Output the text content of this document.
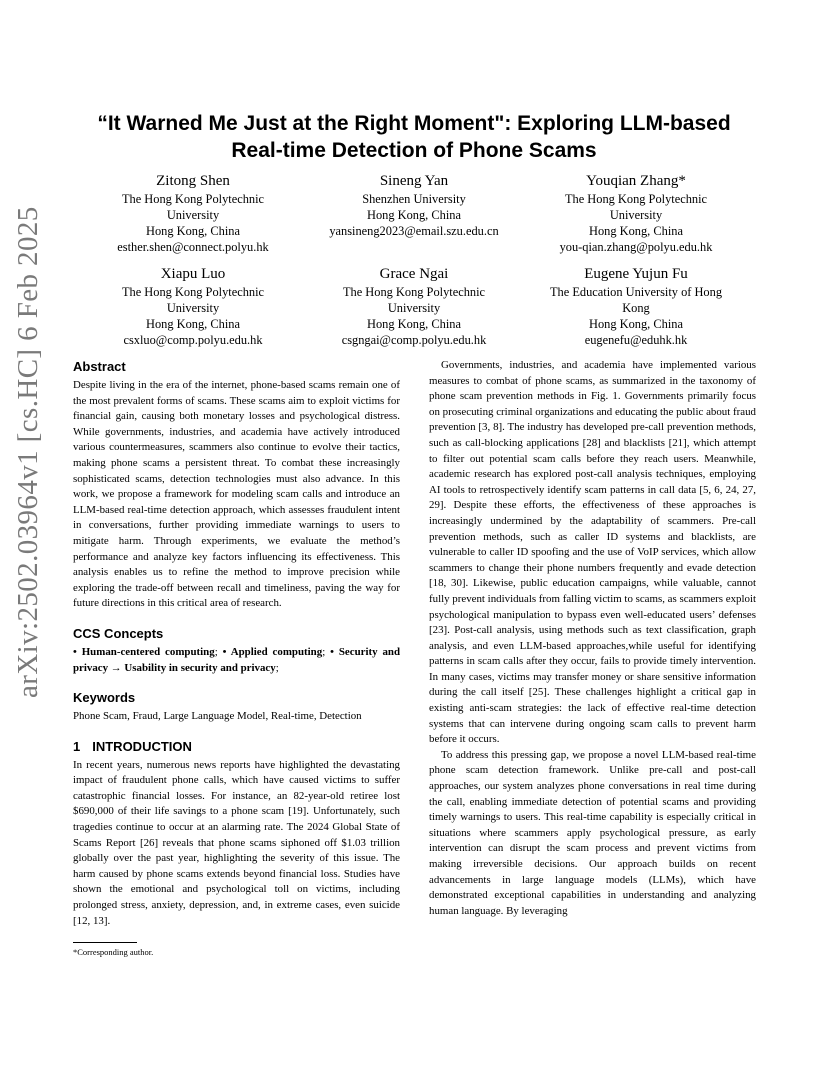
arXiv:2502.03964v1 [cs.HC] 6 Feb 2025
“It Warned Me Just at the Right Moment": Exploring LLM-based
Real-time Detection of Phone Scams
Zitong Shen
The Hong Kong Polytechnic
University
Hong Kong, China
esther.shen@connect.polyu.hk
Sineng Yan
Shenzhen University
Hong Kong, China
yansineng2023@email.szu.edu.cn
Youqian Zhang*
The Hong Kong Polytechnic
University
Hong Kong, China
you-qian.zhang@polyu.edu.hk
Xiapu Luo
The Hong Kong Polytechnic
University
Hong Kong, China
csxluo@comp.polyu.edu.hk
Grace Ngai
The Hong Kong Polytechnic
University
Hong Kong, China
csgngai@comp.polyu.edu.hk
Eugene Yujun Fu
The Education University of Hong
Kong
Hong Kong, China
eugenefu@eduhk.hk
Abstract

Despite living in the era of the internet, phone-based scams remain one of the most prevalent forms of scams. These scams aim to exploit victims for financial gain, causing both monetary losses and psychological distress. While governments, industries, and academia have actively introduced various countermeasures, scammers also continue to evolve their tactics, making phone scams a persistent threat. To combat these increasingly sophisticated scams, detection technologies must also advance. In this work, we propose a framework for modeling scam calls and introduce an LLM-based real-time detection approach, which assesses fraudulent intent in conversations, further providing immediate warnings to users to mitigate harm. Through experiments, we evaluate the method’s performance and analyze key factors influencing its effectiveness. This analysis enables us to refine the method to improve precision while exploring the trade-off between recall and timeliness, paving the way for future directions in this critical area of research.

CCS Concepts

• Human-centered computing; • Applied computing; • Security and privacy → Usability in security and privacy;

Keywords

Phone Scam, Fraud, Large Language Model, Real-time, Detection

1 INTRODUCTION

In recent years, numerous news reports have highlighted the devastating impact of fraudulent phone calls, which have caused victims to suffer catastrophic financial losses. For instance, an 82-year-old retiree lost $690,000 of their life savings to a phone scam [19]. Unfortunately, such tragedies continue to occur at an alarming rate. The 2024 Global State of Scams Report [26] reveals that phone scams siphoned off $1.03 trillion globally over the past year, highlighting the severity of this issue. The harm caused by phone scams extends beyond financial loss. Studies have shown the emotional and psychological toll on victims, including prolonged stress, anxiety, depression, and, in extreme cases, even suicide [12, 13].

Governments, industries, and academia have implemented various measures to combat of phone scams, as summarized in the taxonomy of phone scam prevention methods in Fig. 1. Governments primarily focus on prosecuting criminal organizations and educating the public about fraud prevention [3, 8]. The industry has developed pre-call prevention methods, such as call-blocking applications [28] and blacklists [21], which attempt to filter out potential scam calls before they reach users. Meanwhile, academic research has explored post-call analysis techniques, employing AI tools to retrospectively identify scam patterns in call data [5, 6, 24, 27, 29]. Despite these efforts, the effectiveness of these approaches is increasingly undermined by the adaptability of scammers. Pre-call prevention methods, such as caller ID systems and blacklists, are vulnerable to caller ID spoofing and the use of VoIP services, which allow scammers to change their phone numbers frequently and evade detection [18, 30]. Likewise, public education campaigns, while valuable, cannot fully prevent individuals from falling victim to scams, as scammers exploit psychological manipulation to bypass even well-educated users’ defenses [23]. Post-call analysis, using methods such as text classification, graph analysis, and even LLM-based approaches,while useful for identifying patterns in scam calls after they occur, fails to provide timely intervention. In many cases, victims may transfer money or share sensitive information during the call itself [25]. These challenges highlight a critical gap in existing anti-scam strategies: the lack of effective real-time detection systems that can intervene during ongoing scam calls to prevent harm before it occurs.

To address this pressing gap, we propose a novel LLM-based real-time phone scam detection framework. Unlike pre-call and post-call approaches, our system analyzes phone conversations in real time during the call, enabling immediate detection of potential scams and providing timely warnings to users. This real-time capability is especially critical in situations where scammers apply psychological pressure, as early intervention can disrupt the scam process and prevent victims from making irreversible decisions. Our approach builds on recent advancements in large language models (LLMs), which have demonstrated exceptional capabilities in understanding and analyzing human language. By leveraging

*Corresponding author.
